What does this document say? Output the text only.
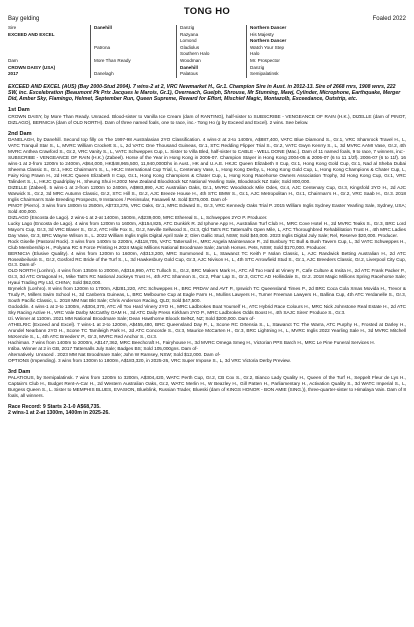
TONG HO
Bay gelding	Foaled 2022
Sire
EXCEED AND EXCEL
Dam
CROWN DAISY (USA)
2017
Danehill
Patrona
More Than Ready
Danelagh
Danzig
Razyana
Lomond
Gladiolus
Southern Halo
Woodman
Danehill
Palatous
Northern Dancer
His Majesty
Northern Dancer
Watch Your Step
Halo
Mr. Prospector
Danzig
Semipalatinsk
EXCEED AND EXCEL (AUS) (Bay 2000-Stud 2004). 7 wins-2 at 2, VRC Newmarket H., Gr.1. Champion Sire in Aust. in 2012-13. Sire of 2668 rnrs, 1908 wnrs, 222 SW, inc. Excelebration (Beaumont Pk Prix Jacques le Marois, Gr.1), Overreach, Guelph, Shrouse, Mr Stunning, Mawj, Cylinder, Microphone, Earthquake, Merger Did, Amber Sky, Flamingo, Helmet, September Run, Queen Supreme, Reward for Effort, Mischief Magic, Montazolb, Exceedance, Outstrip, etc.
1st Dam
CROWN DAISY, by More Than Ready. Unraced. Blood-sister to Vanilla Ice Cream (dam of RANTING), half-sister to SUBSCRIBE - VENGEANCE OF RAIN (H.K.), DIZELLE (dam of PINOT, DIZLAGO), BERNICIA (dam of OLD NORTH). Dam of three named foals, one to race, inc.- Tong Ho (g by Exceed and Excel). 2 wins. See below.
2nd Dam

DANELAGH, by Danehill. Second top filly on The 1997-98 Australasian 2YO Classification. 4 wins-2 at 2-to 1400m, A$887,400, VATC Blue Diamond S., Gr.1, VRC Shamrock Travel H., L, VATC Tranquil Star S., L, MVRC William Crockett S., L, 2d VATC One Thousand Guineas, Gr.1, STC Redding Flipper Trial S., Gr.2, VATC Gwyn Kenrry S., L, 3d MVRC AAMI Vase, Gr.2, 4th MVRC Anthea Crawford S., Gr.2, VRC Vanity S., L, VATC Schweppes Cup, L. Sister to Villa Bled, half-sister to CABLE - WELL DONE (Mac.). Dam of 11 named foals, 9 to race, 7 winners, inc:-

SUBSCRIBE - VENGEANCE OF RAIN (H.K.) (Zabeel). Horse of the Year in Hong Kong in 2006-07. Champion Stayer in Hong Kong 2004-05 & 2006-07 (6 to 11 1/2f). 2006-07 (6 to 11f). 16 wins-1 at 2-from 1200m to 2400m, A$64,000, HK$48,965,500, 11,940,000Dhs in Aust., HK and U.A.E. HKJC Queen Elizabeth II Cup, Gr.1, Hong Kong Gold Cup, Gr.1, Nad al Sheba Dubai Sheema Classic S., Gr.1, HKC Chairman's S., L, HKJC International Cup Trial, L, Centenary Vase, L, Hong Kong Derby, L, Hong Kong Gold Cup, L, Hong Kong Champions & Chater Cup, L, Fairy King Prawn H., 2d HKJC Queen Elizabeth II Cup, Gr.1, Hong Kong Champions & Chater Cup, L, Hong Kong Racehorse Owners Association Trophy, 3d Hong Kong Cup, Gr.1, VRC Talindert S., L, HKJC Quadriplay H., Sheung Shui H.2002 New Zealand Bloodstock NZ National Yearling Sale, Bloodstock NZ Sale; Sold 800,000.

DIZELLE (Zabeel). 5 wins-1 at 2-from 1200m to 2400m, A$983,890, AJC Australian Oaks, Gr.1, MVRC Woodstock Mile Odes, Gr.4, AJC Centenary Cup, Gr.3, Kingsfold 2YO H., 2d AJC Warwick S., Gr.2, 3d MRC Autumn Classic, Gr.2, STC Hill S., Gr.2, AJC Breeze House H., 4th STC BMW S., Gr.1, AJC Metropolitan H., Gr.1, Chairman's H., Gr.2, VRC Saab H., Gr.3. 2018 Inglis Chairman's Sale Breeding Prospects, 9 Instances / Peninsular, Fasaweli M. Sold $375,000. Dam of-

PINOT (Pierro). 3 wins from 1800m to 2500m, A$733,275, VRC Oaks, Gr.1, MRC Edward S., Gr.3, VRC Kennedy Oaks Trial P. 2015 William Inglis Sydney Easter Yearling Sale, Sydney, USA; Sold 400,000.

DIZLAGO (Encosta de Lago). 2 wins-1 at 2-at 1400m, 1600m, A$239,000, MRC Ethereal S., L, Schweppes 2YO P. Producer.

Lucky Lago (Encosta de Lago). 4 wins from 1200m to 1600m, A$154,825, ATC Dunkirk R. 2d Iphone App H., Australian Turf Club H., MRC Cove Hotel H., 2d MVRC Teaks S., Gr.3, BRC Lord Mayor's Cup, Gr.3, 3d VRC Blaser S., Gr.2, ATC Hille Fox S., Gr.2, Neville Sellwood S., Gr.3, Qld Tatt's RC Tattersall's Open Mile, L, ATC Thoroughbred Rehabilitation Trust H., 4th MRC Ladies Day Vase, Gr.3, BRC Wayne Wilson S., L. 2022 William Inglis Inglis Digital April Sale 2; Glen Gallic Stud, NSW; Sold $40,000. 2023 Inglis Digital July Sale; Rel, Reserve $20,000. Producer.

Rock Giselle (Pastoral Rock). 3 wins from 1400m to 2200m, A$118,705, VATC Tattersall H., MRC Angela Maintenance P., 2d Bunbury TC Bull & Bush Tavern Cup, L, 3d VATC Schweppes H., Club Membership H., Polyana RC 6 Force Printing H.2024 Magic Millions National Broodmare Sale; Jarrah Horses. Pets, NSW; Sold $170,000. Producer.

BERNICIA (Elusive Quality). 4 wins from 1200m to 1600m, A$313,200, MRC Summoned S., L, Stawanct TC Keith F Nolan Classic, L, AJC Randwick Betting Australian H., 2d ATC Roseabeilusin S., Gr.2, Gosford RC Bride of the Turf S., L, 3d Hawkesbury Gold Cup, Gr.3, AJC Nivison H., L, 4th STC Arrowfield Stud S., Gr.1, AJC Breeders Classic, Gr.2, Liverpool City Cup, Gr.3. Dam of-

OLD NORTH (Lonhro). 4 wins from 1350m to 2000m, A$316,990, ATC Tulloch S., Gr.2, BRC Makers Mark H., ATC All Too Hard at Vinery P., Cafe Culture & Insita H., 2d ATC Frank Packer P., Gr.3, 3d ATC Ortagonal H., Mike Tatt's RC National Jockeys Trust H., 4th ATC Shannon S., Gr.2, Phar Lap S., Gr.3, GCTC AD Hollindale S., Gr.2. 2018 Magic Millions Spring Racehorse Sale; Hyaui Trading Pty Ltd, CHINA; Sold $62,000.

Brynelch (Lonhro). 8 wins from 1200m to 1700m, A$281,220, ATC Schweppes H., BRC PRDAV and AVT P., Ipswich TC Queensland Times P., 2d BRC Coca Cola Xmas Movida H., Trevor & Trudy P., Millers Swim School H., 3d Canberra Guineas, L, BRC Melbourne Cup at Eagle Farm H., Mullins Lawyers H., Turner Freeman Lawyers H., Ballina Cup, 4th ATC Yerdanelle S., Gr.3, South Pacific Classic, L. 2018 MM Nat Bkt Sale; Chris Anderson Racing, QLD; Sold $47,500.

Gododdin. 4 wins-1 at 2-to 1300m, A$304,370, ATC All Too Hard Vinery 2YO H., MRC Ladbrokes Boat Yourself H., ATC Hybrid Race Colours H., MRC Nick Johnstone Real Estate H., 2d ATC Sky Racing Active H., VRC Vale Darby McCarthy OAM H., 3d ATC Daily Press Kirkham 2YO P., MRC Ladbrokes Odds Boost H., 4th SAJC Sires' Produce S., Gr.3.

Izi. Winner at 1100m. 2021 MM National Broodmare Sale; Dean Hawthorne Bloock BelNZ, NZ; Sold $200,000. Dam of-

ATHELRIC (Exceed and Excel). 7 wins-1 at 2-to 1200m, A$455,480, BRC Queensland Day P., L, Scone RC Ortensia S., L, Stawanct TC The Warra, ATC Purphy H., Frosted at Darley H., Arundel Nearbann 2YO H., Scone TC Tamileigh Park H., 2d ATC Concorde S., Gr.3, Maurice McCarten H., Gr.3, BRC Lightning H., L, MVRC Inglis 2022 Yearling Sale H., 3d MVRC Mitchell McKenzie S., L, 4th ATC Breeders' P., Gr.3, MVRC Red Anchor S., Gr.3.

Hachiman. 7 wins from 1400m to 2000m, A$147,362, MRC Beechcraft H., Fairyhouse H., 3d MVRC Omega Smeg H., Victorian PPS Barch H., MRC Le Pine Funeral Services H.

Intiba. Winner at 2 in GB, 2017 Tattersalls July Sale; Badges BS; Sold 105,000gns. Dam of-

Alternatively. Unraced . 2023 MM Nat Broodmare Sale; John W Ramsey, NSW; Sold $12,000. Dam of-

OPTIONS (Impending). 3 wins from 1300m to 1800m, A$183,320, in 2025-26, VRC Super Impose S., L, 3d VRC Victoria Derby Preview.

3rd Dam
PALATIOUS, by Semipalatinsk. 7 wins from 1200m to 3200m, A$304,420, WATC Perth Cup, Gr.2, CB Cox S., Gr.2, Bianco Lady Quality H., Queen of the Turf H., Seppelt Fleur de Lys H., Captain's Club H., Budget Rent-A-Car H., 2d Western Australian Oaks, Gr.2, WATC Merlin H., W Beazley H., Gill Patten H., Parliamentary H., Activation Quality S., 3d WATC Imperial S., L, Burgess Queen S., L. Sister to MEMPHIS BLUES, EVASION, Blueblink, Russian Trader, Blueski (dam of KINGS HONOR - BON AMIE (SING.)), three-quarter-sister to Himalaya Vain. Dam of 8 foals, all winners.
Race Record: 9 Starts 2-1-0 A$68,735.
2 wins-1 at 2-at 1300m, 1400m in 2025-26.
